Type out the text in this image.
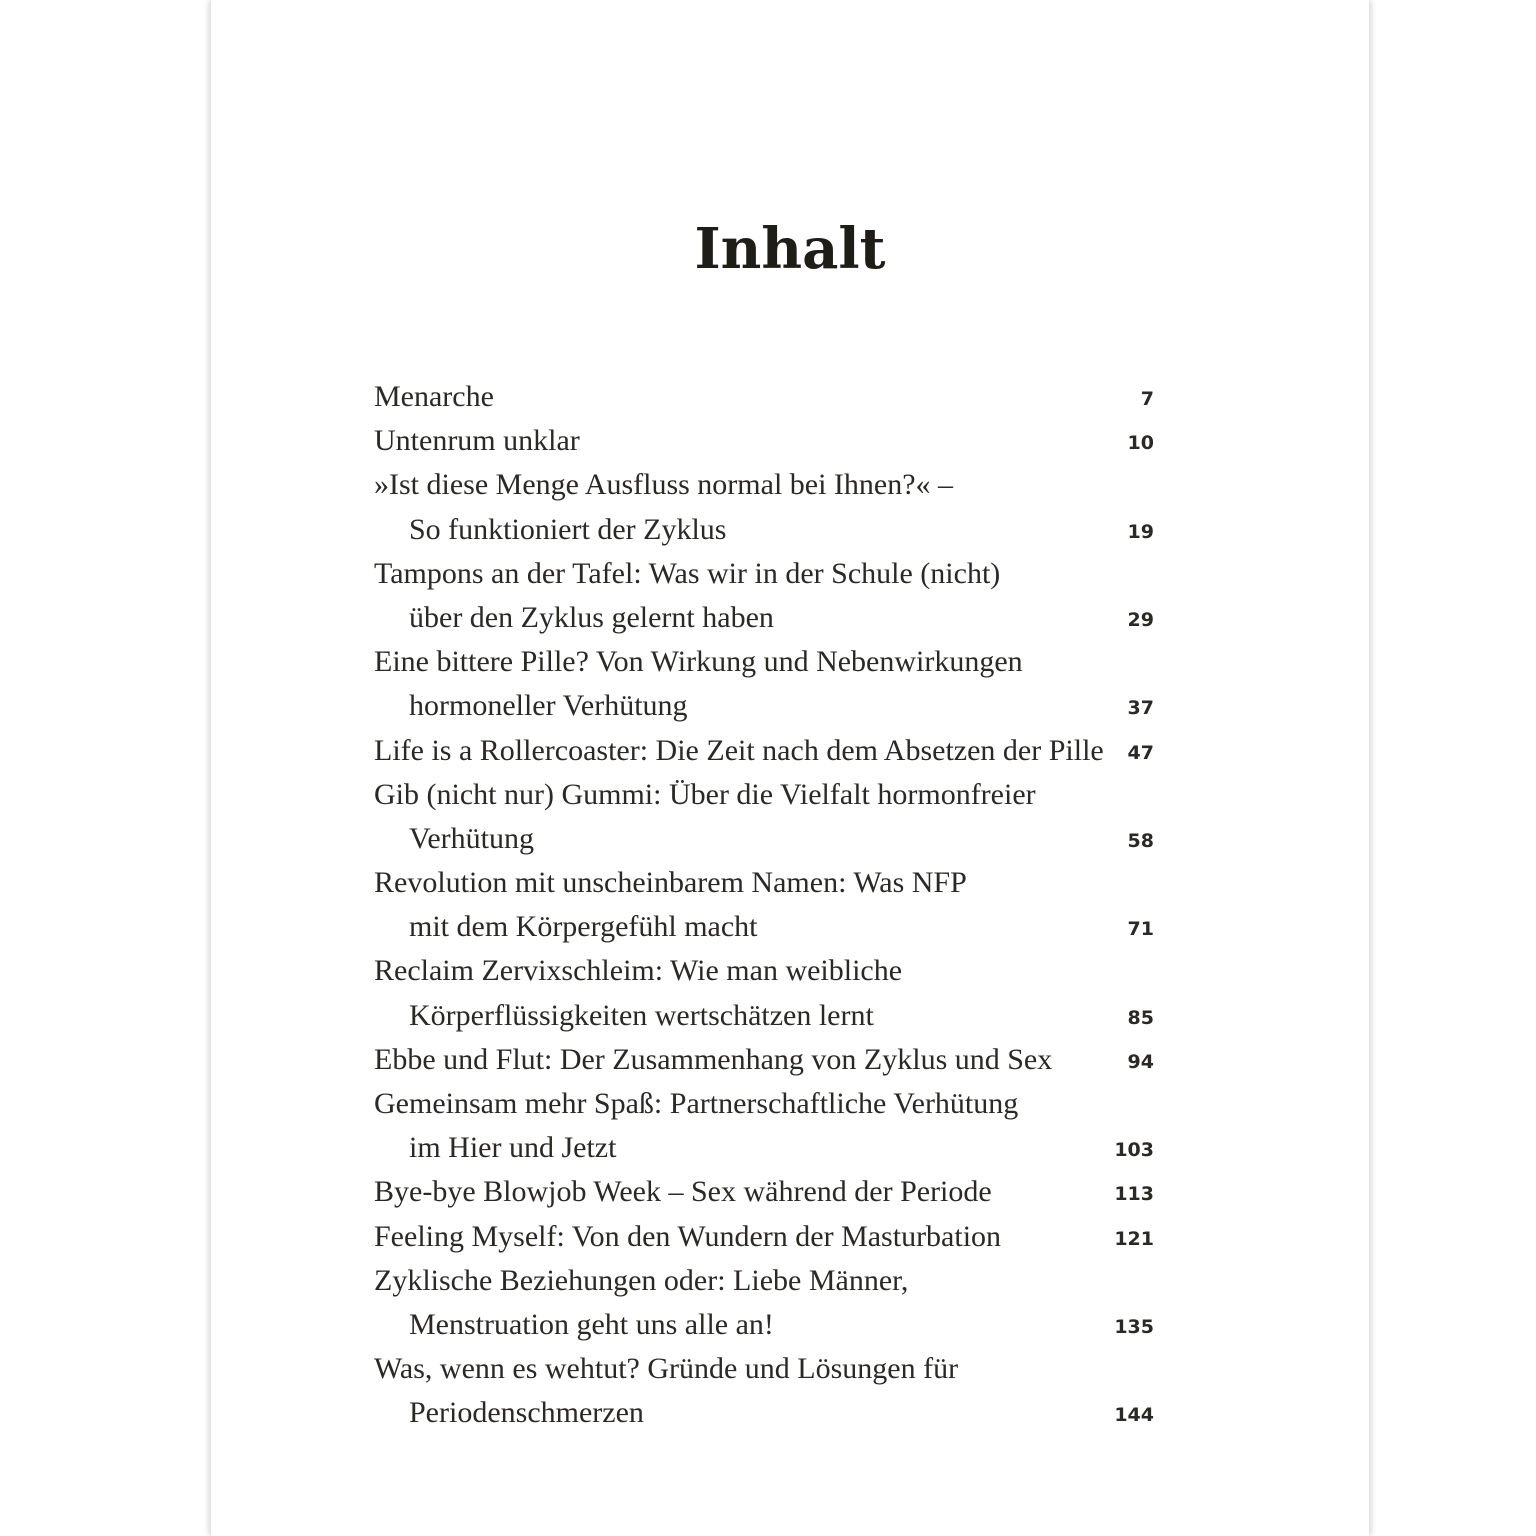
Inhalt
Menarche	7
Untenrum unklar	10
»Ist diese Menge Ausfluss normal bei Ihnen?« –
So funktioniert der Zyklus	19
Tampons an der Tafel: Was wir in der Schule (nicht)
über den Zyklus gelernt haben	29
Eine bittere Pille? Von Wirkung und Nebenwirkungen
hormoneller Verhütung	37
Life is a Rollercoaster: Die Zeit nach dem Absetzen der Pille 47
Gib (nicht nur) Gummi: Über die Vielfalt hormonfreier
Verhütung	58
Revolution mit unscheinbarem Namen: Was NFP
mit dem Körpergefühl macht	71
Reclaim Zervixschleim: Wie man weibliche
Körperflüssigkeiten wertschätzen lernt	85
Ebbe und Flut: Der Zusammenhang von Zyklus und Sex	94
Gemeinsam mehr Spaß: Partnerschaftliche Verhütung
im Hier und Jetzt	103
Bye-bye Blowjob Week – Sex während der Periode	113
Feeling Myself: Von den Wundern der Masturbation	121
Zyklische Beziehungen oder: Liebe Männer,
Menstruation geht uns alle an!	135
Was, wenn es wehtut? Gründe und Lösungen für
Periodenschmerzen	144
